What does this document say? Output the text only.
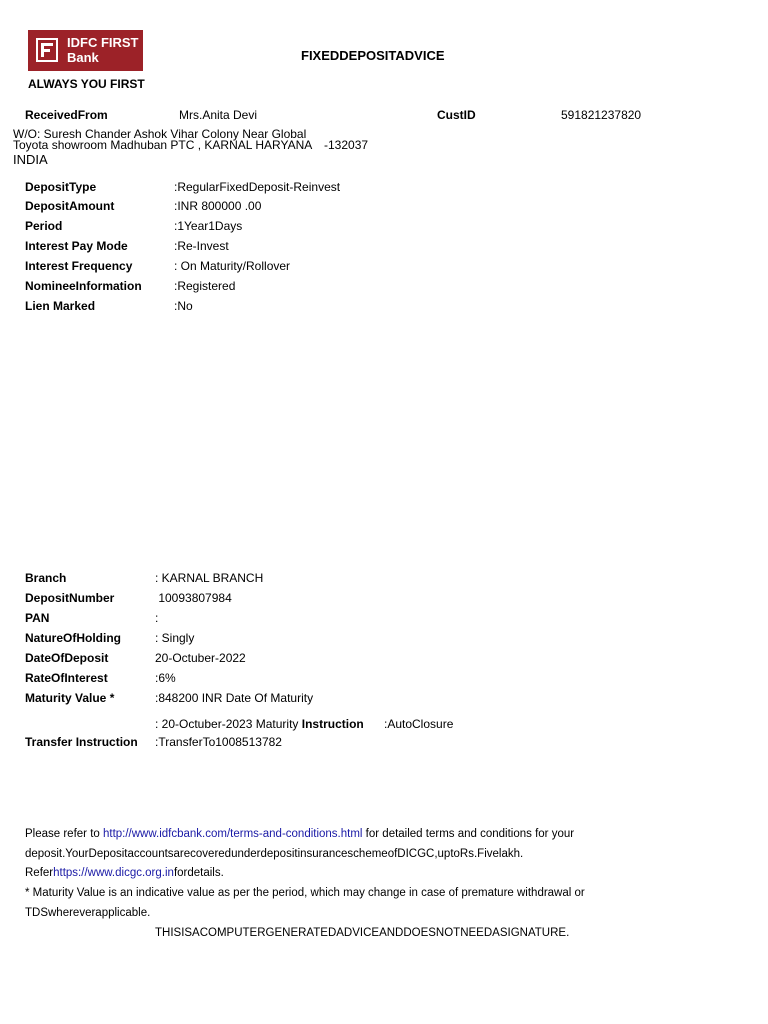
IDFC FIRST
Bank
ALWAYS YOU FIRST
FIXEDDEPOSITADVICE
ReceivedFrom	Mrs.Anita Devi	CustID	591821237820
W/O: Suresh Chander Ashok Vihar Colony Near Global
Toyota showroom Madhuban PTC , KARNAL HARYANA -132037
INDIA
DepositType	:RegularFixedDeposit-Reinvest
DepositAmount	:INR 800000 .00
Period	:1Year1Days
Interest Pay Mode	:Re-Invest
Interest Frequency	: On Maturity/Rollover
NomineeInformation	:Registered
Lien Marked	:No
Branch	: KARNAL BRANCH
DepositNumber	10093807984
PAN	:
NatureOfHolding	: Singly
DateOfDeposit	20-Octuber-2022
RateOfInterest	:6%
Maturity Value *	:848200 INR Date Of Maturity
: 20-Octuber-2023 Maturity Instruction :AutoClosure
Transfer Instruction :TransferTo1008513782
Please refer to http://www.idfcbank.com/terms-and-conditions.html for detailed terms and conditions for your
deposit.YourDepositaccountsarecoveredunderdepositinsuranceschemeofDICGC,uptoRs.Fivelakh.
Referhttps://www.dicgc.org.infordetails.
* Maturity Value is an indicative value as per the period, which may change in case of premature withdrawal or
TDSwhereverapplicable.
THISISACOMPUTERGENERATEDADVICEANDDOESNOTNEEDASIGNATURE.
